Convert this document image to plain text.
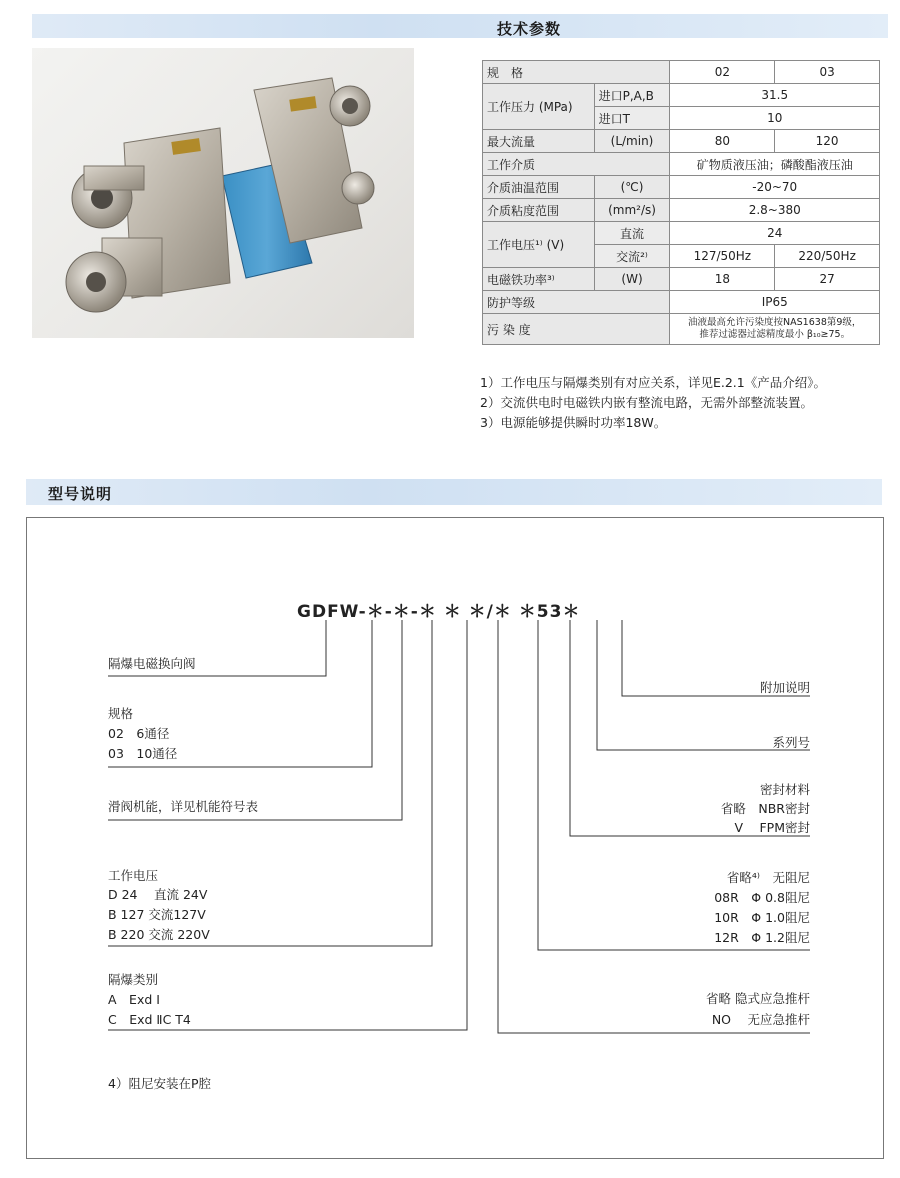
技术参数
规　格		02	03
工作压力 (MPa)	进口P,A,B	31.5	
	进口T	10	
最大流量	(L/min)	80	120
工作介质		矿物质液压油；磷酸酯液压油	
介质油温范围	(℃)	-20~70	
介质粘度范围	(mm²/s)	2.8~380	
工作电压¹⁾ (V)	直流	24	
	交流²⁾	127/50Hz	220/50Hz
电磁铁功率³⁾	(W)	18	27
防护等级		IP65	
污 染 度		油液最高允许污染度按NAS1638第9级，
推荐过滤器过滤精度最小 β₁₀≥75。	
1）工作电压与隔爆类别有对应关系，详见E.2.1《产品介绍》。
2）交流供电时电磁铁内嵌有整流电路，无需外部整流装置。
3）电源能够提供瞬时功率18W。
型号说明
GDFW-＊-＊-＊ ＊ ＊/＊ ＊53＊
隔爆电磁换向阀
规格
02　6通径
03　10通径
滑阀机能，详见机能符号表
工作电压
D 24　 直流 24V
B 127 交流127V
B 220 交流 220V
隔爆类别
A　Exd Ⅰ
C　Exd ⅡC T4
附加说明
系列号
密封材料
省略　NBR密封
V　 FPM密封
省略⁴⁾　无阻尼
08R　Φ 0.8阻尼
10R　Φ 1.0阻尼
12R　Φ 1.2阻尼
省略 隐式应急推杆
NO　 无应急推杆
4）阻尼安装在P腔
